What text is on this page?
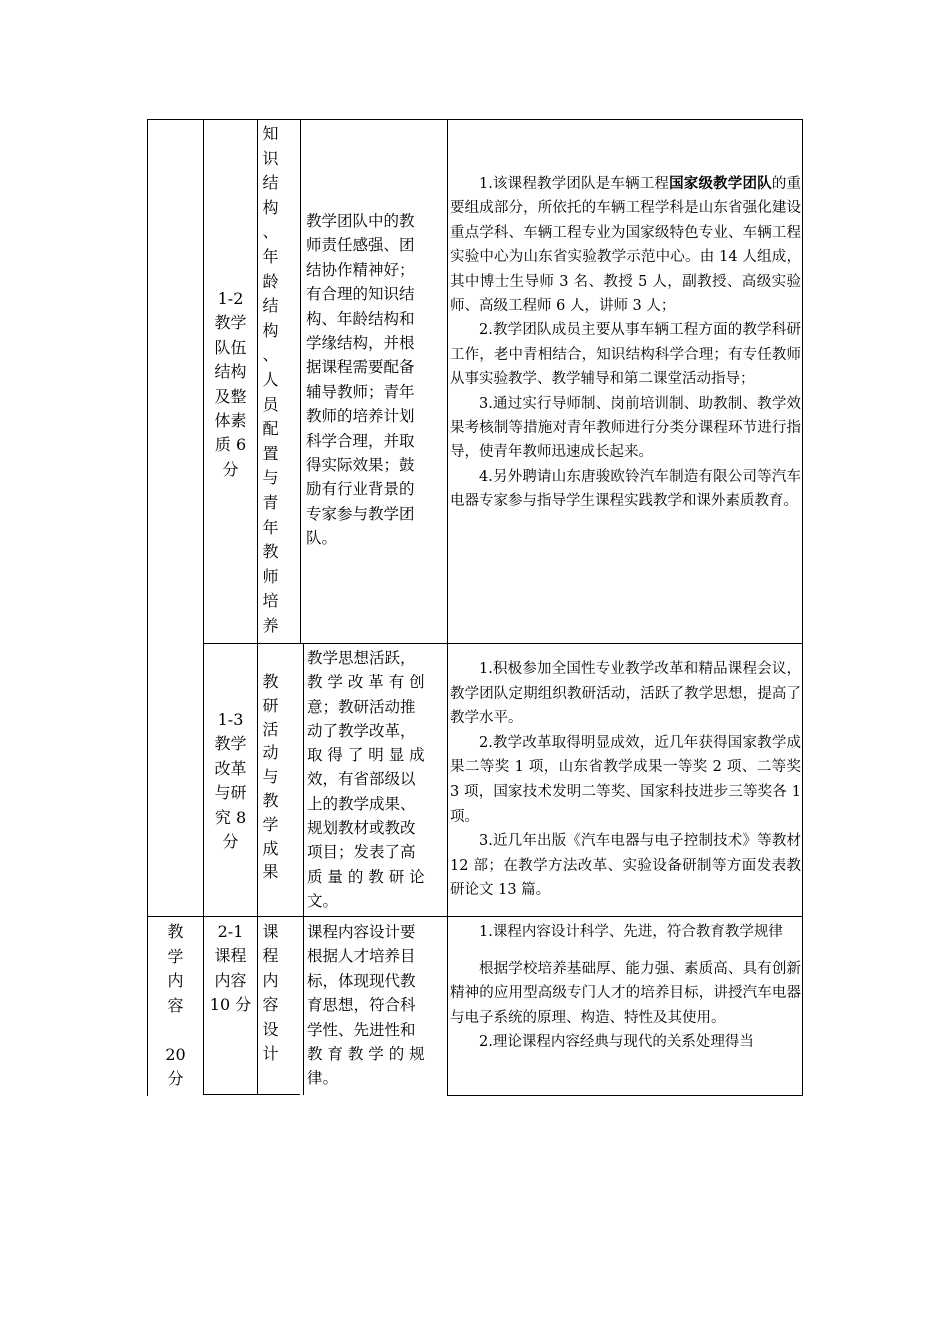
1-2
教学
队伍
结构
及整
体素
质 6
分
知
识
结
构
、
年
龄
结
构
、
人
员
配
置
与
青
年
教
师
培
养
教学团队中的教
师责任感强、团
结协作精神好；
有合理的知识结
构、年龄结构和
学缘结构，并根
据课程需要配备
辅导教师；青年
教师的培养计划
科学合理，并取
得实际效果；鼓
励有行业背景的
专家参与教学团
队。

1.该课程教学团队是车辆工程国家级教学团队的重要组成部分，所依托的车辆工程学科是山东省强化建设重点学科、车辆工程专业为国家级特色专业、车辆工程实验中心为山东省实验教学示范中心。由 14 人组成，其中博士生导师 3 名、教授 5 人，副教授、高级实验师、高级工程师 6 人，讲师 3 人；

2.教学团队成员主要从事车辆工程方面的教学科研工作，老中青相结合，知识结构科学合理；有专任教师从事实验教学、教学辅导和第二课堂活动指导；

3.通过实行导师制、岗前培训制、助教制、教学效果考核制等措施对青年教师进行分类分课程环节进行指导，使青年教师迅速成长起来。

4.另外聘请山东唐骏欧铃汽车制造有限公司等汽车电器专家参与指导学生课程实践教学和课外素质教育。

1-3
教学
改革
与研
究 8
分
教
研
活
动
与
教
学
成
果
教学思想活跃，
教 学 改 革 有 创
意；教研活动推
动了教学改革，
取 得 了 明 显 成
效，有省部级以
上的教学成果、
规划教材或教改
项目；发表了高
质 量 的 教 研 论
文。

1.积极参加全国性专业教学改革和精品课程会议，教学团队定期组织教研活动，活跃了教学思想，提高了教学水平。

2.教学改革取得明显成效，近几年获得国家教学成果二等奖 1 项，山东省教学成果一等奖 2 项、二等奖 3 项，国家技术发明二等奖、国家科技进步三等奖各 1 项。

3.近几年出版《汽车电器与电子控制技术》等教材 12 部；在教学方法改革、实验设备研制等方面发表教研论文 13 篇。

教
学
内
容
20
分
2-1
课程
内容
10 分
课
程
内
容
设
计
课程内容设计要
根据人才培养目
标，体现现代教
育思想，符合科
学性、先进性和
教 育 教 学 的 规
律。

1.课程内容设计科学、先进，符合教育教学规律

根据学校培养基础厚、能力强、素质高、具有创新精神的应用型高级专门人才的培养目标，讲授汽车电器与电子系统的原理、构造、特性及其使用。

2.理论课程内容经典与现代的关系处理得当
